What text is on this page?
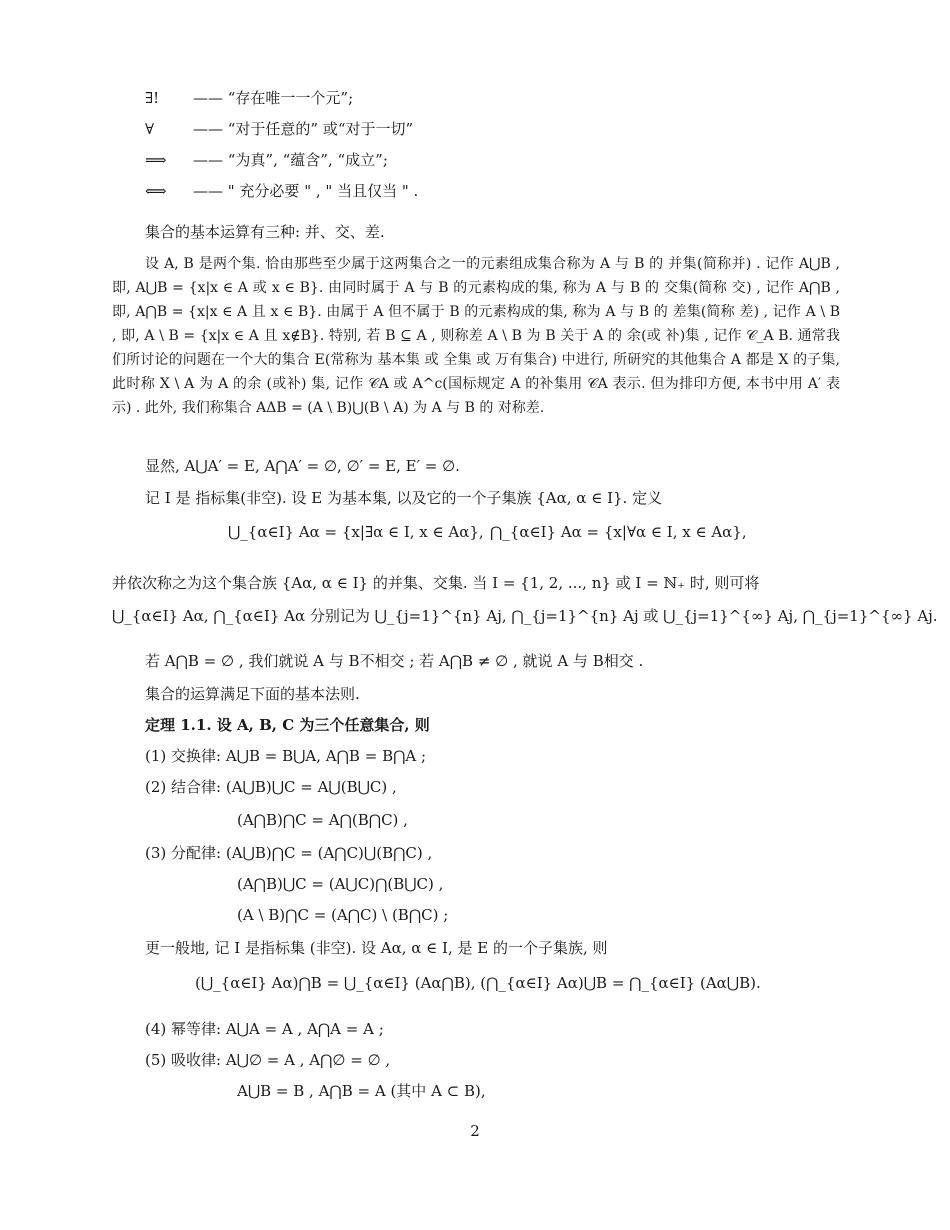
∃! —— “存在唯一一个元”;
∀	—— “对于任意的” 或“对于一切”
⟹ —— “为真”, “蕴含”, “成立”;
⟺ —— " 充分必要 " , " 当且仅当 " .
集合的基本运算有三种: 并、交、差.
设 A, B 是两个集. 恰由那些至少属于这两集合之一的元素组成集合称为 A 与 B 的 并集(简称并) . 记作 A⋃B , 即, A⋃B = {x|x ∈ A 或 x ∈ B}. 由同时属于 A 与 B 的元素构成的集, 称为 A 与 B 的 交集(简称 交) , 记作 A⋂B , 即, A⋂B = {x|x ∈ A 且 x ∈ B}. 由属于 A 但不属于 B 的元素构成的集, 称为 A 与 B 的 差集(简称 差) , 记作 A \ B , 即, A \ B = {x|x ∈ A 且 x∉B}. 特别, 若 B ⊆ A , 则称差 A \ B 为 B 关于 A 的 余(或 补)集 , 记作 𝒞_A B. 通常我们所讨论的问题在一个大的集合 E(常称为 基本集 或 全集 或 万有集合) 中进行, 所研究的其他集合 A 都是 X 的子集, 此时称 X \ A 为 A 的余 (或补) 集, 记作 𝒞A 或 A^c(国标规定 A 的补集用 𝒞A 表示. 但为排印方便, 本书中用 A′ 表示) . 此外, 我们称集合 AΔB = (A \ B)⋃(B \ A) 为 A 与 B 的 对称差.
显然, A⋃A′ = E, A⋂A′ = ∅, ∅′ = E, E′ = ∅.
记 I 是 指标集(非空). 设 E 为基本集, 以及它的一个子集族 {Aα, α ∈ I}. 定义
⋃_{α∈I} Aα = {x|∃α ∈ I, x ∈ Aα}, ⋂_{α∈I} Aα = {x|∀α ∈ I, x ∈ Aα},
并依次称之为这个集合族 {Aα, α ∈ I} 的并集、交集. 当 I = {1, 2, ..., n} 或 I = ℕ₊ 时, 则可将
⋃_{α∈I} Aα, ⋂_{α∈I} Aα 分别记为 ⋃_{j=1}^{n} Aj, ⋂_{j=1}^{n} Aj 或 ⋃_{j=1}^{∞} Aj, ⋂_{j=1}^{∞} Aj.
若 A⋂B = ∅ , 我们就说 A 与 B不相交 ; 若 A⋂B ≠ ∅ , 就说 A 与 B相交 .
集合的运算满足下面的基本法则.
定理 1.1. 设 A, B, C 为三个任意集合, 则
(1) 交换律: A⋃B = B⋃A, A⋂B = B⋂A ;
(2) 结合律: (A⋃B)⋃C = A⋃(B⋃C) ,
(A⋂B)⋂C = A⋂(B⋂C) ,
(3) 分配律: (A⋃B)⋂C = (A⋂C)⋃(B⋂C) ,
(A⋂B)⋃C = (A⋃C)⋂(B⋃C) ,
(A \ B)⋂C = (A⋂C) \ (B⋂C) ;
更一般地, 记 I 是指标集 (非空). 设 Aα, α ∈ I, 是 E 的一个子集族, 则
(⋃_{α∈I} Aα)⋂B = ⋃_{α∈I} (Aα⋂B), (⋂_{α∈I} Aα)⋃B = ⋂_{α∈I} (Aα⋃B).
(4) 幂等律: A⋃A = A , A⋂A = A ;
(5) 吸收律: A⋃∅ = A , A⋂∅ = ∅ ,
A⋃B = B , A⋂B = A (其中 A ⊂ B),
2
